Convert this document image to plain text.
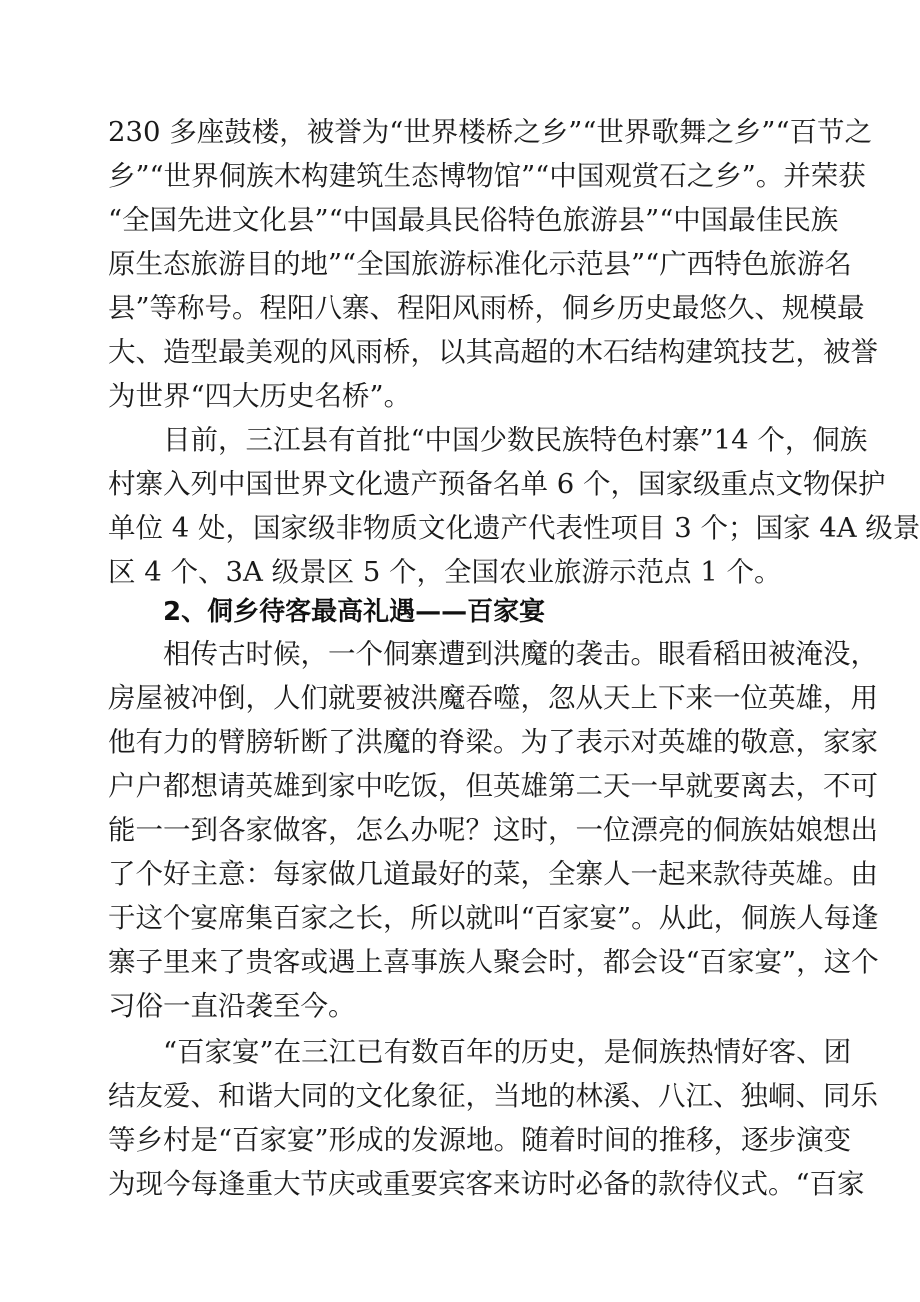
230 多座鼓楼，被誉为“世界楼桥之乡”“世界歌舞之乡”“百节之
乡”“世界侗族木构建筑生态博物馆”“中国观赏石之乡”。并荣获
“全国先进文化县”“中国最具民俗特色旅游县”“中国最佳民族
原生态旅游目的地”“全国旅游标准化示范县”“广西特色旅游名
县”等称号。程阳八寨、程阳风雨桥，侗乡历史最悠久、规模最
大、造型最美观的风雨桥，以其高超的木石结构建筑技艺，被誉
为世界“四大历史名桥”。
目前，三江县有首批“中国少数民族特色村寨”14 个，侗族
村寨入列中国世界文化遗产预备名单 6 个，国家级重点文物保护
单位 4 处，国家级非物质文化遗产代表性项目 3 个；国家 4A 级景
区 4 个、3A 级景区 5 个，全国农业旅游示范点 1 个。
2、侗乡待客最高礼遇——百家宴
相传古时候，一个侗寨遭到洪魔的袭击。眼看稻田被淹没，
房屋被冲倒，人们就要被洪魔吞噬，忽从天上下来一位英雄，用
他有力的臂膀斩断了洪魔的脊梁。为了表示对英雄的敬意，家家
户户都想请英雄到家中吃饭，但英雄第二天一早就要离去，不可
能一一到各家做客，怎么办呢？这时，一位漂亮的侗族姑娘想出
了个好主意：每家做几道最好的菜，全寨人一起来款待英雄。由
于这个宴席集百家之长，所以就叫“百家宴”。从此，侗族人每逢
寨子里来了贵客或遇上喜事族人聚会时，都会设“百家宴”，这个
习俗一直沿袭至今。
“百家宴”在三江已有数百年的历史，是侗族热情好客、团
结友爱、和谐大同的文化象征，当地的林溪、八江、独峒、同乐
等乡村是“百家宴”形成的发源地。随着时间的推移，逐步演变
为现今每逢重大节庆或重要宾客来访时必备的款待仪式。“百家
